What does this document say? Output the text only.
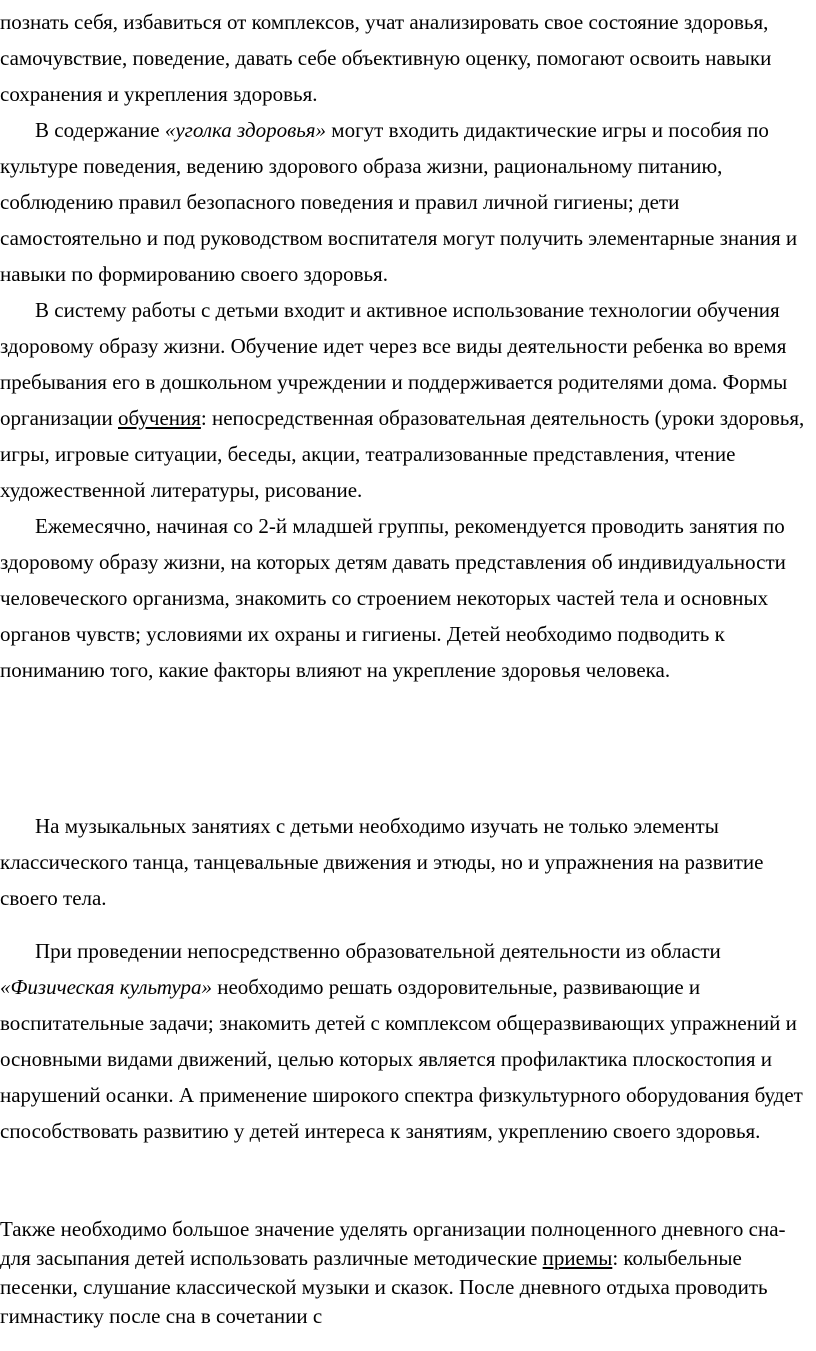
познать себя, избавиться от комплексов, учат анализировать свое состояние здоровья, самочувствие, поведение, давать себе объективную оценку, помогают освоить навыки сохранения и укрепления здоровья.

В содержание «уголка здоровья» могут входить дидактические игры и пособия по культуре поведения, ведению здорового образа жизни, рациональному питанию, соблюдению правил безопасного поведения и правил личной гигиены; дети самостоятельно и под руководством воспитателя могут получить элементарные знания и навыки по формированию своего здоровья.

В систему работы с детьми входит и активное использование технологии обучения здоровому образу жизни. Обучение идет через все виды деятельности ребенка во время пребывания его в дошкольном учреждении и поддерживается родителями дома. Формы организации обучения: непосредственная образовательная деятельность (уроки здоровья, игры, игровые ситуации, беседы, акции, театрализованные представления, чтение художественной литературы, рисование.

Ежемесячно, начиная со 2-й младшей группы, рекомендуется проводить занятия по здоровому образу жизни, на которых детям давать представления об индивидуальности человеческого организма, знакомить со строением некоторых частей тела и основных органов чувств; условиями их охраны и гигиены. Детей необходимо подводить к пониманию того, какие факторы влияют на укрепление здоровья человека.

На музыкальных занятиях с детьми необходимо изучать не только элементы классического танца, танцевальные движения и этюды, но и упражнения на развитие своего тела.

При проведении непосредственно образовательной деятельности из области «Физическая культура» необходимо решать оздоровительные, развивающие и воспитательные задачи; знакомить детей с комплексом общеразвивающих упражнений и основными видами движений, целью которых является профилактика плоскостопия и нарушений осанки. А применение широкого спектра физкультурного оборудования будет способствовать развитию у детей интереса к занятиям, укреплению своего здоровья.

Также необходимо большое значение уделять организации полноценного дневного сна- для засыпания детей использовать различные методические приемы: колыбельные песенки, слушание классической музыки и сказок. После дневного отдыха проводить гимнастику после сна в сочетании с
